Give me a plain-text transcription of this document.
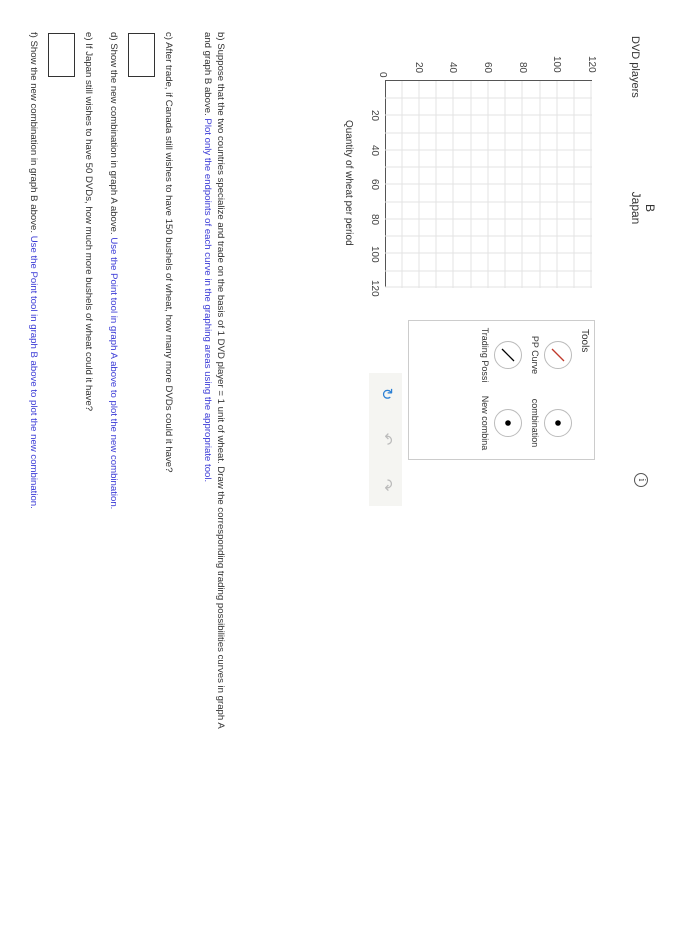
B
Japan
DVD players
120
100
80
60
40
20
0
20
40
60
80
100
120
Quantity of wheat per period
Tools
PP Curve
combination
Trading Possi
New combina
↻
↶
↷	i
b) Suppose that the two countries specialize and trade on the basis of 1 DVD player = 1 unit of wheat. Draw the corresponding trading possibilities curves in graph A and graph B above. Plot only the endpoints of each curve in the graphing areas using the appropriate tool.
c) After trade, if Canada still wishes to have 150 bushels of wheat, how many more DVDs could it have?
d) Show the new combination in graph A above. Use the Point tool in graph A above to plot the new combination.
e) If Japan still wishes to have 50 DVDs, how much more bushels of wheat could it have?
f) Show the new combination in graph B above. Use the Point tool in graph B above to plot the new combination.
